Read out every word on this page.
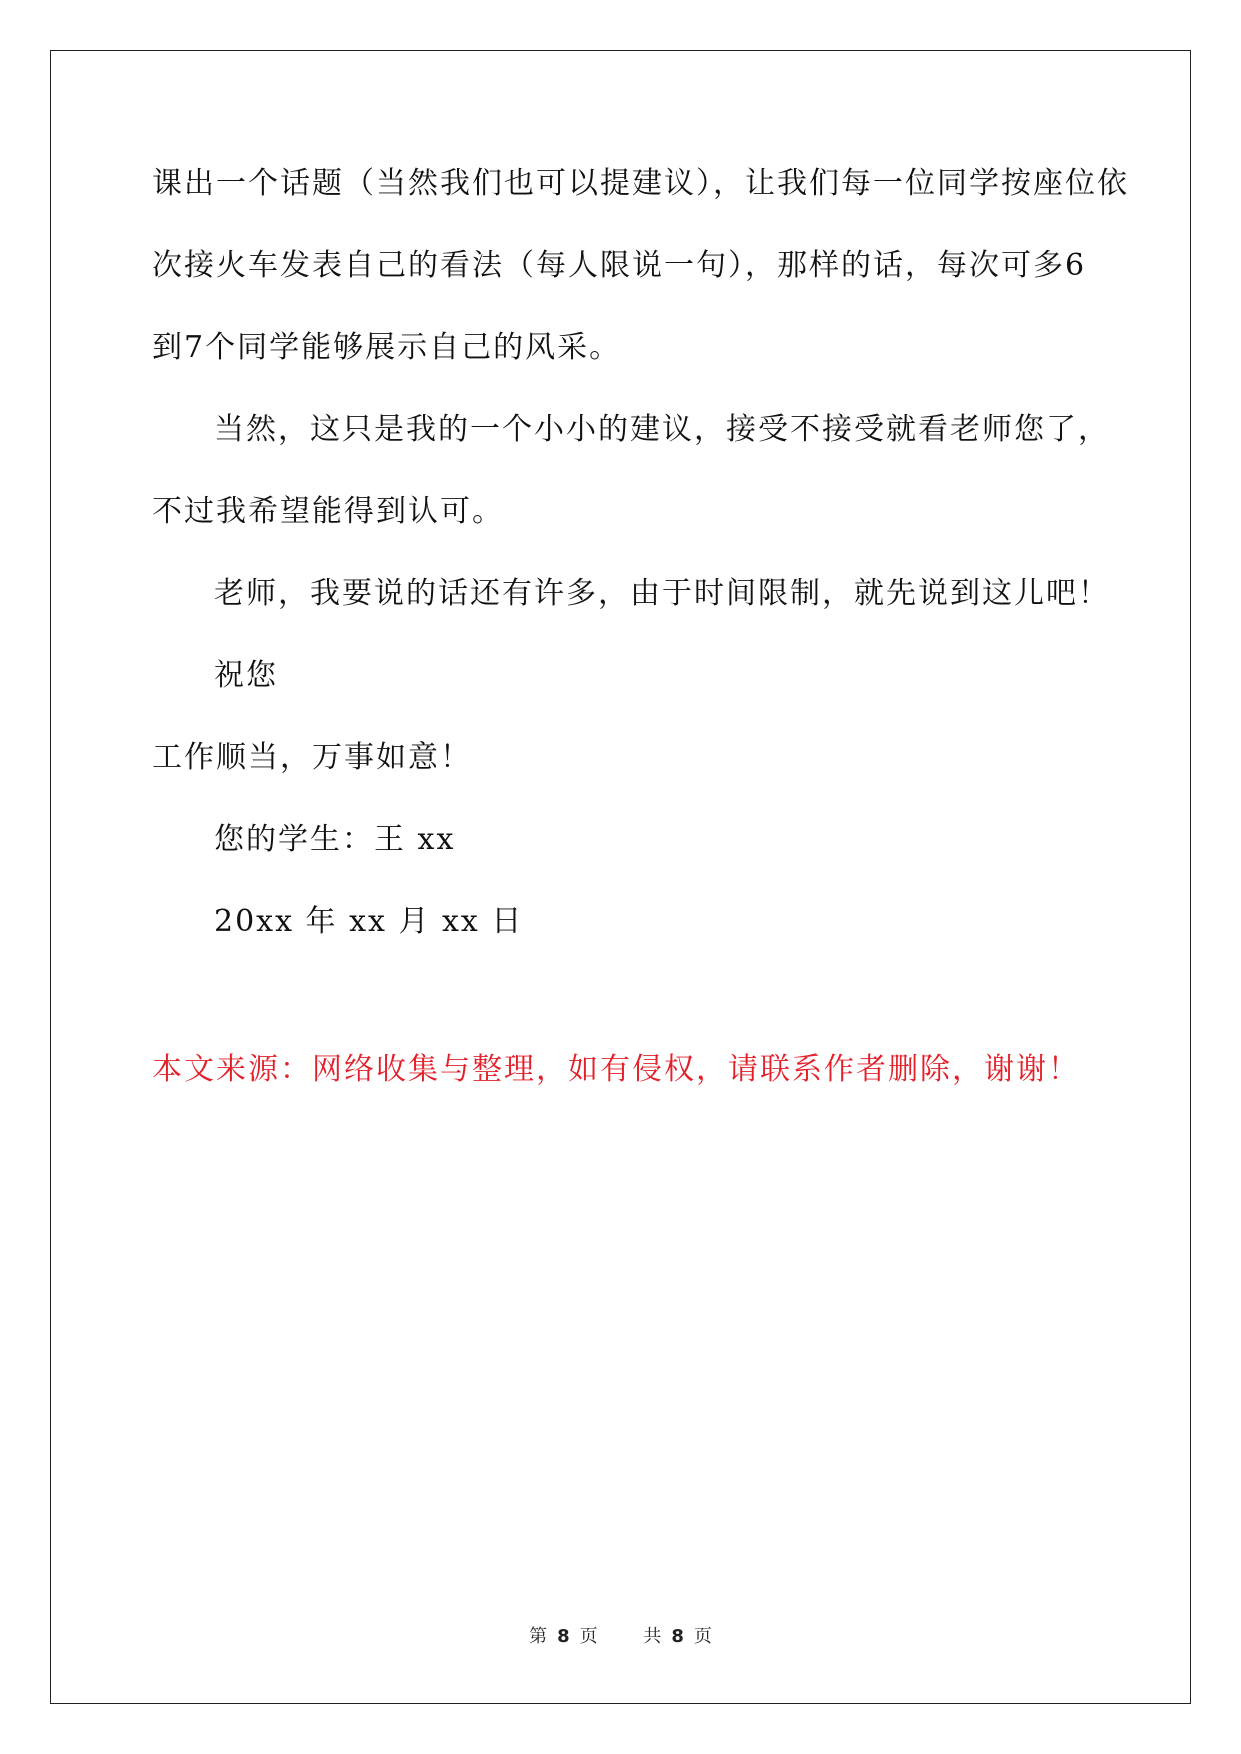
课出一个话题（当然我们也可以提建议），让我们每一位同学按座位依
次接火车发表自己的看法（每人限说一句），那样的话，每次可多6
到7个同学能够展示自己的风采。
当然，这只是我的一个小小的建议，接受不接受就看老师您了，
不过我希望能得到认可。
老师，我要说的话还有许多，由于时间限制，就先说到这儿吧！
祝您
工作顺当，万事如意！
您的学生：王 xx
20xx 年 xx 月 xx 日
本文来源：网络收集与整理，如有侵权，请联系作者删除，谢谢！
第 8 页	共 8 页
